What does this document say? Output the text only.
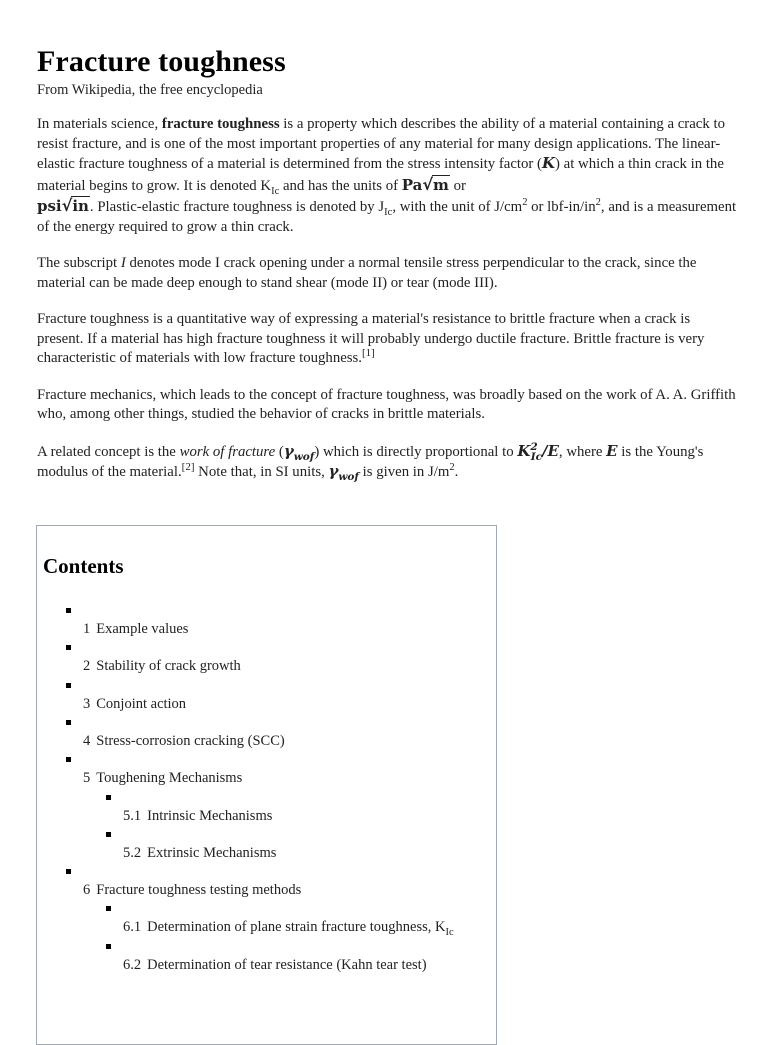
Fracture toughness
From Wikipedia, the free encyclopedia

In materials science, fracture toughness is a property which describes the ability of a material containing a crack to resist fracture, and is one of the most important properties of any material for many design applications. The linear-elastic fracture toughness of a material is determined from the stress intensity factor (K) at which a thin crack in the material begins to grow. It is denoted $K_{Ic}$ and has the units of Pa√m or
psi√in. Plastic-elastic fracture toughness is denoted by $J_{Ic}$, with the unit of $J/cm^2$ or lbf-$in/in^2$, and is a measurement of the energy required to grow a thin crack.

The subscript I denotes mode I crack opening under a normal tensile stress perpendicular to the crack, since the material can be made deep enough to stand shear (mode II) or tear (mode III).

Fracture toughness is a quantitative way of expressing a material's resistance to brittle fracture when a crack is present. If a material has high fracture toughness it will probably undergo ductile fracture. Brittle fracture is very characteristic of materials with low fracture toughness.[1]

Fracture mechanics, which leads to the concept of fracture toughness, was broadly based on the work of A. A. Griffith who, among other things, studied the behavior of cracks in brittle materials.

A related concept is the work of fracture $(\gamma_{wof})$ which is directly proportional to $K^2_{Ic}/E$, where E is the Young's modulus of the material.[2] Note that, in SI units, $\gamma_{wof}$ is given in $J/m^2$.

Contents
1 Example values
2 Stability of crack growth
3 Conjoint action
4 Stress-corrosion cracking (SCC)
5 Toughening Mechanisms
5.1 Intrinsic Mechanisms
5.2 Extrinsic Mechanisms
6 Fracture toughness testing methods
6.1 Determination of plane strain fracture toughness, $K_{Ic}$
6.2 Determination of tear resistance (Kahn tear test)
